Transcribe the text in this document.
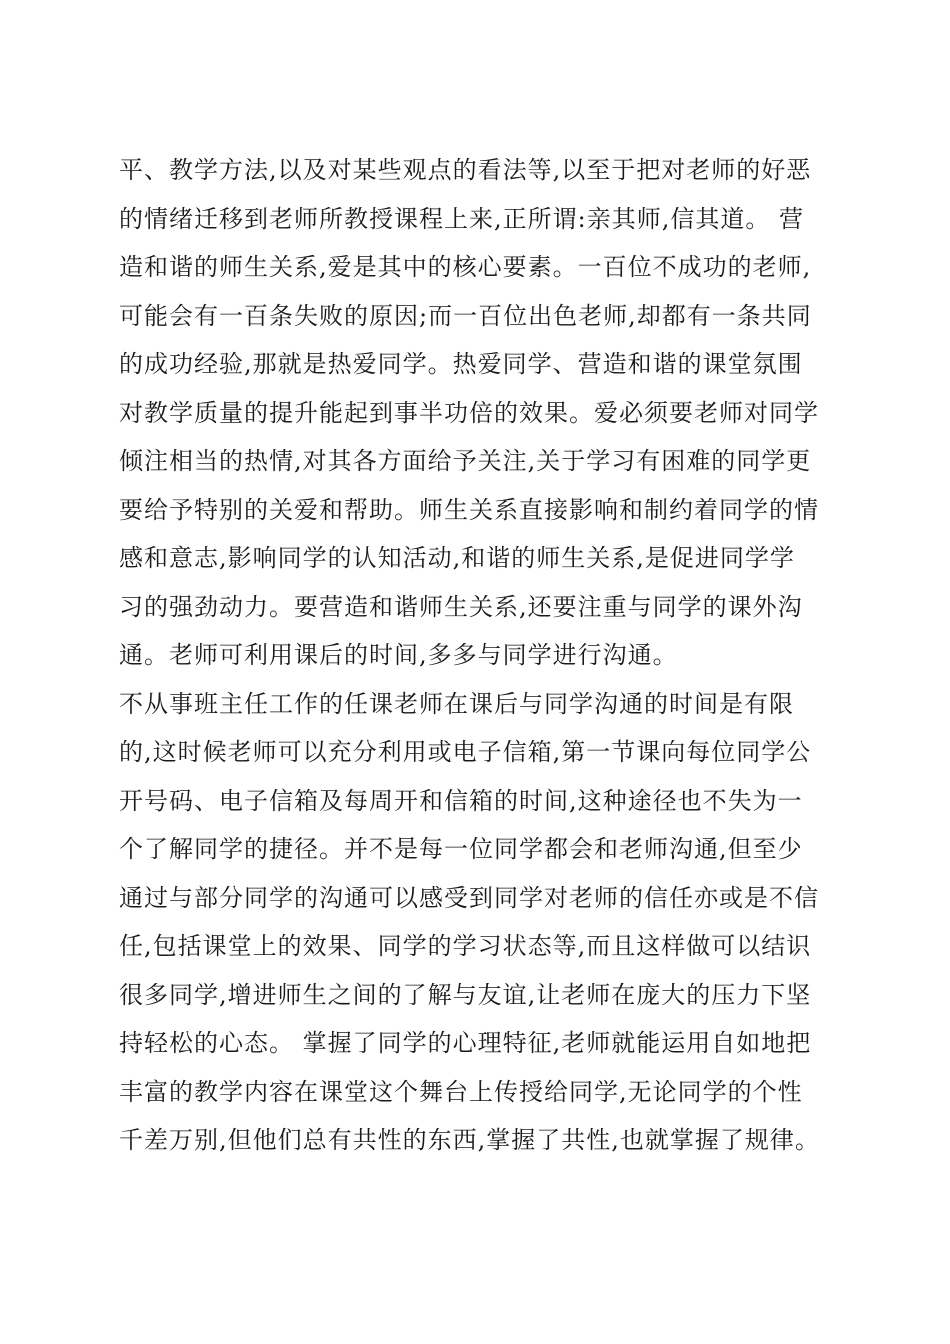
平、教学方法,以及对某些观点的看法等,以至于把对老师的好恶
的情绪迁移到老师所教授课程上来,正所谓:亲其师,信其道。 营
造和谐的师生关系,爱是其中的核心要素。一百位不成功的老师,
可能会有一百条失败的原因;而一百位出色老师,却都有一条共同
的成功经验,那就是热爱同学。热爱同学、营造和谐的课堂氛围
对教学质量的提升能起到事半功倍的效果。爱必须要老师对同学
倾注相当的热情,对其各方面给予关注,关于学习有困难的同学更
要给予特别的关爱和帮助。师生关系直接影响和制约着同学的情
感和意志,影响同学的认知活动,和谐的师生关系,是促进同学学
习的强劲动力。要营造和谐师生关系,还要注重与同学的课外沟
通。老师可利用课后的时间,多多与同学进行沟通。
不从事班主任工作的任课老师在课后与同学沟通的时间是有限
的,这时候老师可以充分利用或电子信箱,第一节课向每位同学公
开号码、电子信箱及每周开和信箱的时间,这种途径也不失为一
个了解同学的捷径。并不是每一位同学都会和老师沟通,但至少
通过与部分同学的沟通可以感受到同学对老师的信任亦或是不信
任,包括课堂上的效果、同学的学习状态等,而且这样做可以结识
很多同学,增进师生之间的了解与友谊,让老师在庞大的压力下坚
持轻松的心态。 掌握了同学的心理特征,老师就能运用自如地把
丰富的教学内容在课堂这个舞台上传授给同学,无论同学的个性
千差万别,但他们总有共性的东西,掌握了共性,也就掌握了规律。
